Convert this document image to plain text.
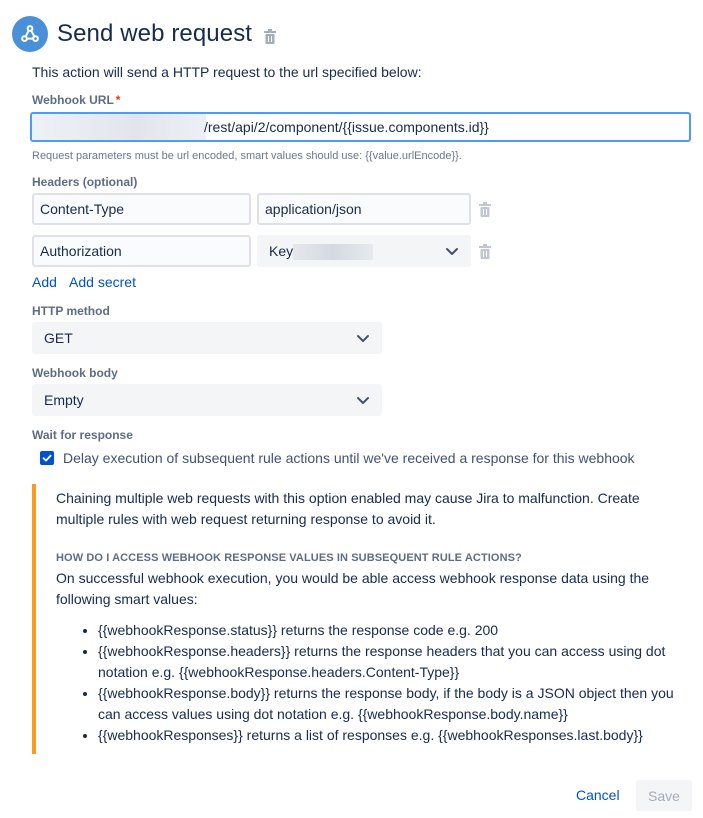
Send web request
This action will send a HTTP request to the url specified below:
Webhook URL *
/rest/api/2/component/{{issue.components.id}}
Request parameters must be url encoded, smart values should use: {{value.urlEncode}}.
Headers (optional)
Content-Type	application/json
Authorization	Key
Add Add secret
HTTP method
GET
Webhook body
Empty
Wait for response
Delay execution of subsequent rule actions until we've received a response for this webhook

Chaining multiple web requests with this option enabled may cause Jira to malfunction. Create multiple rules with web request returning response to avoid it.

HOW DO I ACCESS WEBHOOK RESPONSE VALUES IN SUBSEQUENT RULE ACTIONS?

On successful webhook execution, you would be able access webhook response data using the following smart values:

• {{webhookResponse.status}} returns the response code e.g. 200
• {{webhookResponse.headers}} returns the response headers that you can access using dot notation e.g. {{webhookResponse.headers.Content-Type}}
• {{webhookResponse.body}} returns the response body, if the body is a JSON object then you can access values using dot notation e.g. {{webhookResponse.body.name}}
• {{webhookResponses}} returns a list of responses e.g. {{webhookResponses.last.body}}
Cancel	Save
